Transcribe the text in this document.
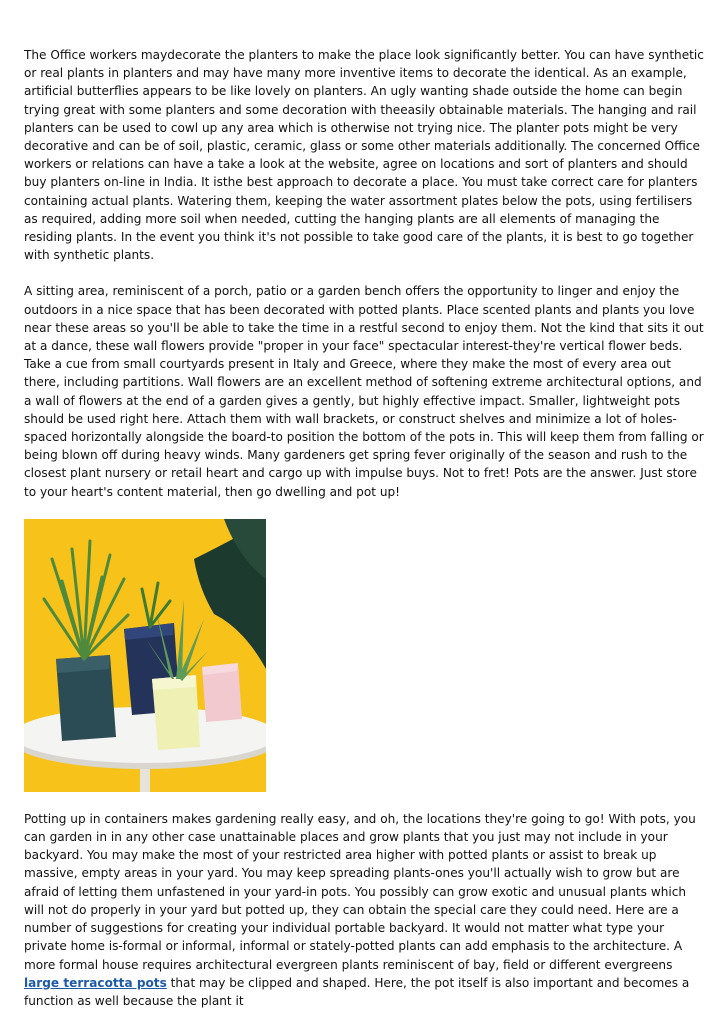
The Office workers maydecorate the planters to make the place look significantly better. You can have synthetic or real plants in planters and may have many more inventive items to decorate the identical. As an example, artificial butterflies appears to be like lovely on planters. An ugly wanting shade outside the home can begin trying great with some planters and some decoration with theeasily obtainable materials. The hanging and rail planters can be used to cowl up any area which is otherwise not trying nice. The planter pots might be very decorative and can be of soil, plastic, ceramic, glass or some other materials additionally. The concerned Office workers or relations can have a take a look at the website, agree on locations and sort of planters and should buy planters on-line in India. It isthe best approach to decorate a place. You must take correct care for planters containing actual plants. Watering them, keeping the water assortment plates below the pots, using fertilisers as required, adding more soil when needed, cutting the hanging plants are all elements of managing the residing plants. In the event you think it's not possible to take good care of the plants, it is best to go together with synthetic plants.

A sitting area, reminiscent of a porch, patio or a garden bench offers the opportunity to linger and enjoy the outdoors in a nice space that has been decorated with potted plants. Place scented plants and plants you love near these areas so you'll be able to take the time in a restful second to enjoy them. Not the kind that sits it out at a dance, these wall flowers provide "proper in your face" spectacular interest-they're vertical flower beds. Take a cue from small courtyards present in Italy and Greece, where they make the most of every area out there, including partitions. Wall flowers are an excellent method of softening extreme architectural options, and a wall of flowers at the end of a garden gives a gently, but highly effective impact. Smaller, lightweight pots should be used right here. Attach them with wall brackets, or construct shelves and minimize a lot of holes-spaced horizontally alongside the board-to position the bottom of the pots in. This will keep them from falling or being blown off during heavy winds. Many gardeners get spring fever originally of the season and rush to the closest plant nursery or retail heart and cargo up with impulse buys. Not to fret! Pots are the answer. Just store to your heart's content material, then go dwelling and pot up!

Potting up in containers makes gardening really easy, and oh, the locations they're going to go! With pots, you can garden in in any other case unattainable places and grow plants that you just may not include in your backyard. You may make the most of your restricted area higher with potted plants or assist to break up massive, empty areas in your yard. You may keep spreading plants-ones you'll actually wish to grow but are afraid of letting them unfastened in your yard-in pots. You possibly can grow exotic and unusual plants which will not do properly in your yard but potted up, they can obtain the special care they could need. Here are a number of suggestions for creating your individual portable backyard. It would not matter what type your private home is-formal or informal, informal or stately-potted plants can add emphasis to the architecture. A more formal house requires architectural evergreen plants reminiscent of bay, field or different evergreens large terracotta pots that may be clipped and shaped. Here, the pot itself is also important and becomes a function as well because the plant it
